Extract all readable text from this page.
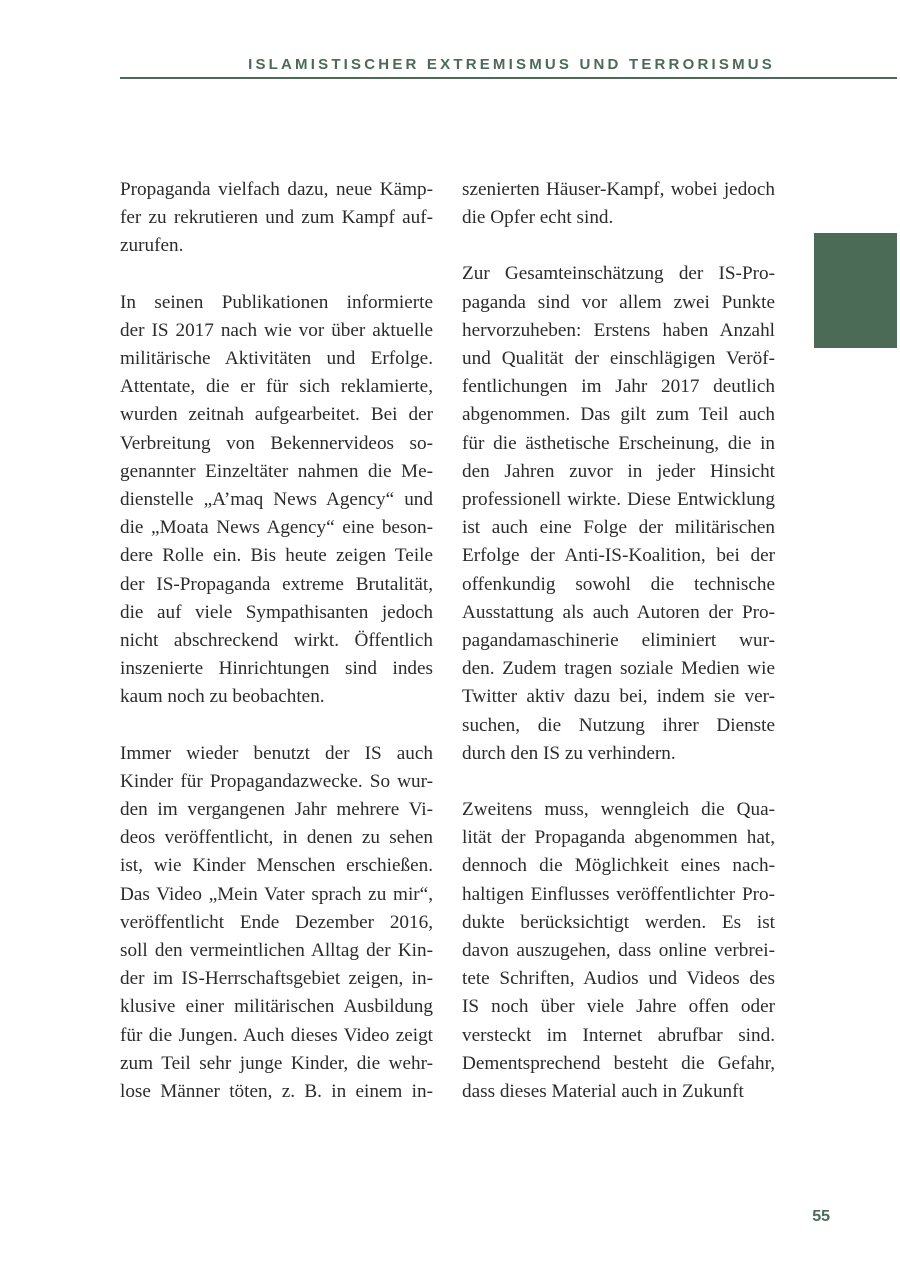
ISLAMISTISCHER EXTREMISMUS UND TERRORISMUS

Propaganda vielfach dazu, neue Kämp-
fer zu rekrutieren und zum Kampf auf-
zurufen.

In seinen Publikationen informierte
der IS 2017 nach wie vor über aktuelle
militärische Aktivitäten und Erfolge.
Attentate, die er für sich reklamierte,
wurden zeitnah aufgearbeitet. Bei der
Verbreitung von Bekennervideos so-
genannter Einzeltäter nahmen die Me-
dienstelle „A’maq News Agency“ und
die „Moata News Agency“ eine beson-
dere Rolle ein. Bis heute zeigen Teile
der IS-Propaganda extreme Brutalität,
die auf viele Sympathisanten jedoch
nicht abschreckend wirkt. Öffentlich
inszenierte Hinrichtungen sind indes
kaum noch zu beobachten.

Immer wieder benutzt der IS auch
Kinder für Propagandazwecke. So wur-
den im vergangenen Jahr mehrere Vi-
deos veröffentlicht, in denen zu sehen
ist, wie Kinder Menschen erschießen.
Das Video „Mein Vater sprach zu mir“,
veröffentlicht Ende Dezember 2016,
soll den vermeintlichen Alltag der Kin-
der im IS-Herrschaftsgebiet zeigen, in-
klusive einer militärischen Ausbildung
für die Jungen. Auch dieses Video zeigt
zum Teil sehr junge Kinder, die wehr-
lose Männer töten, z. B. in einem in-

szenierten Häuser-Kampf, wobei jedoch
die Opfer echt sind.

Zur Gesamteinschätzung der IS-Pro-
paganda sind vor allem zwei Punkte
hervorzuheben: Erstens haben Anzahl
und Qualität der einschlägigen Veröf-
fentlichungen im Jahr 2017 deutlich
abgenommen. Das gilt zum Teil auch
für die ästhetische Erscheinung, die in
den Jahren zuvor in jeder Hinsicht
professionell wirkte. Diese Entwicklung
ist auch eine Folge der militärischen
Erfolge der Anti-IS-Koalition, bei der
offenkundig sowohl die technische
Ausstattung als auch Autoren der Pro-
pagandamaschinerie eliminiert wur-
den. Zudem tragen soziale Medien wie
Twitter aktiv dazu bei, indem sie ver-
suchen, die Nutzung ihrer Dienste
durch den IS zu verhindern.

Zweitens muss, wenngleich die Qua-
lität der Propaganda abgenommen hat,
dennoch die Möglichkeit eines nach-
haltigen Einflusses veröffentlichter Pro-
dukte berücksichtigt werden. Es ist
davon auszugehen, dass online verbrei-
tete Schriften, Audios und Videos des
IS noch über viele Jahre offen oder
versteckt im Internet abrufbar sind.
Dementsprechend besteht die Gefahr,
dass dieses Material auch in Zukunft

55
